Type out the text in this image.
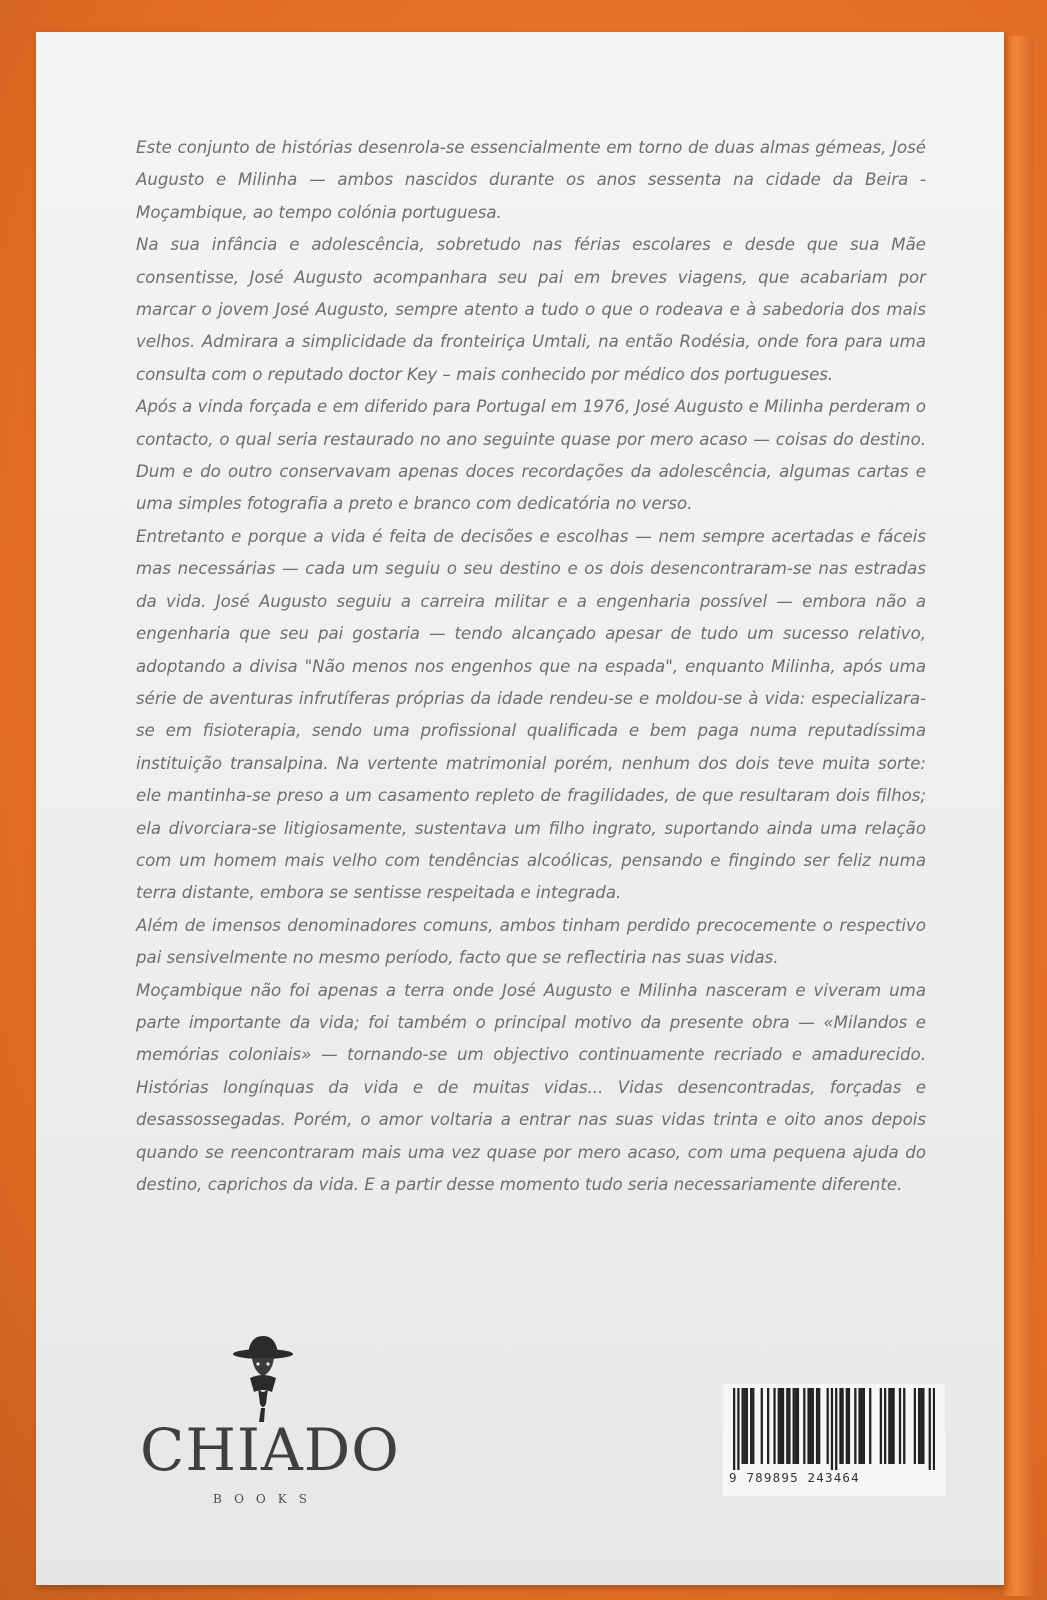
Este conjunto de histórias desenrola-se essencialmente em torno de duas almas gémeas, José Augusto e Milinha — ambos nascidos durante os anos sessenta na cidade da Beira - Moçambique, ao tempo colónia portuguesa.

Na sua infância e adolescência, sobretudo nas férias escolares e desde que sua Mãe consentisse, José Augusto acompanhara seu pai em breves viagens, que acabariam por marcar o jovem José Augusto, sempre atento a tudo o que o rodeava e à sabedoria dos mais velhos. Admirara a simplicidade da fronteiriça Umtali, na então Rodésia, onde fora para uma consulta com o reputado doctor Key – mais conhecido por médico dos portugueses.

Após a vinda forçada e em diferido para Portugal em 1976, José Augusto e Milinha perderam o contacto, o qual seria restaurado no ano seguinte quase por mero acaso — coisas do destino. Dum e do outro conservavam apenas doces recordações da adolescência, algumas cartas e uma simples fotografia a preto e branco com dedicatória no verso.

Entretanto e porque a vida é feita de decisões e escolhas — nem sempre acertadas e fáceis mas necessárias — cada um seguiu o seu destino e os dois desencontraram-se nas estradas da vida. José Augusto seguiu a carreira militar e a engenharia possível — embora não a engenharia que seu pai gostaria — tendo alcançado apesar de tudo um sucesso relativo, adoptando a divisa "Não menos nos engenhos que na espada", enquanto Milinha, após uma série de aventuras infrutíferas próprias da idade rendeu-se e moldou-se à vida: especializara-se em fisioterapia, sendo uma profissional qualificada e bem paga numa reputadíssima instituição transalpina. Na vertente matrimonial porém, nenhum dos dois teve muita sorte: ele mantinha-se preso a um casamento repleto de fragilidades, de que resultaram dois filhos; ela divorciara-se litigiosamente, sustentava um filho ingrato, suportando ainda uma relação com um homem mais velho com tendências alcoólicas, pensando e fingindo ser feliz numa terra distante, embora se sentisse respeitada e integrada.

Além de imensos denominadores comuns, ambos tinham perdido precocemente o respectivo pai sensivelmente no mesmo período, facto que se reflectiria nas suas vidas.

Moçambique não foi apenas a terra onde José Augusto e Milinha nasceram e viveram uma parte importante da vida; foi também o principal motivo da presente obra — «Milandos e memórias coloniais» — tornando-se um objectivo continuamente recriado e amadurecido. Histórias longínquas da vida e de muitas vidas... Vidas desencontradas, forçadas e desassossegadas. Porém, o amor voltaria a entrar nas suas vidas trinta e oito anos depois quando se reencontraram mais uma vez quase por mero acaso, com uma pequena ajuda do destino, caprichos da vida. E a partir desse momento tudo seria necessariamente diferente.

CHIADO
BOOKS
9 789895 243464
